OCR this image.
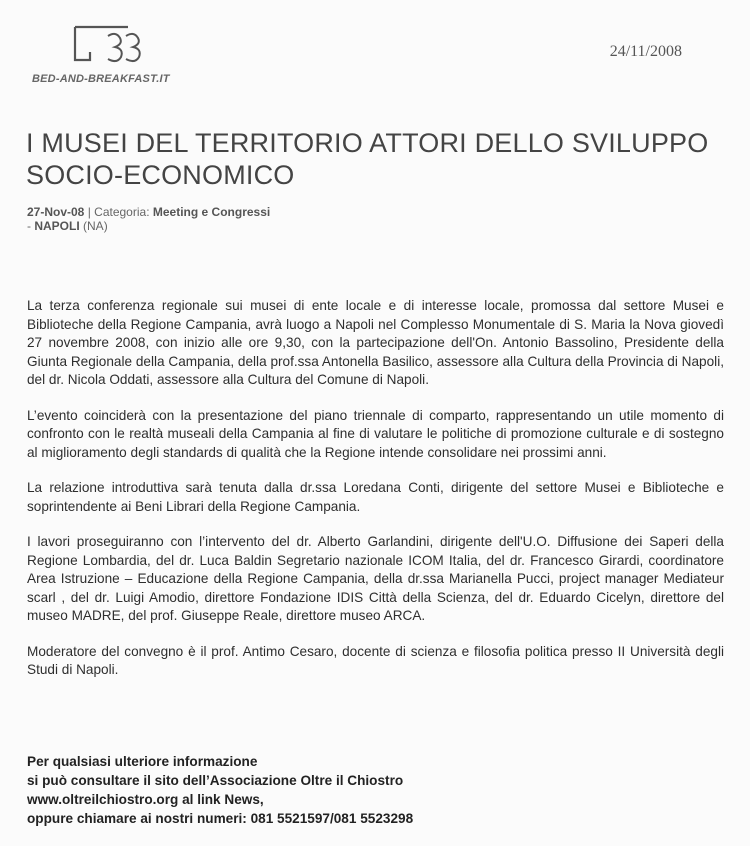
BED-AND-BREAKFAST.IT
24/11/2008
I MUSEI DEL TERRITORIO ATTORI DELLO SVILUPPO
SOCIO-ECONOMICO
27-Nov-08 | Categoria: Meeting e Congressi
- NAPOLI (NA)

La terza conferenza regionale sui musei di ente locale e di interesse locale, promossa dal settore Musei e Biblioteche della Regione Campania, avrà luogo a Napoli nel Complesso Monumentale di S. Maria la Nova giovedì 27 novembre 2008, con inizio alle ore 9,30, con la partecipazione dell'On. Antonio Bassolino, Presidente della Giunta Regionale della Campania, della prof.ssa Antonella Basilico, assessore alla Cultura della Provincia di Napoli, del dr. Nicola Oddati, assessore alla Cultura del Comune di Napoli.

L’evento coinciderà con la presentazione del piano triennale di comparto, rappresentando un utile momento di confronto con le realtà museali della Campania al fine di valutare le politiche di promozione culturale e di sostegno al miglioramento degli standards di qualità che la Regione intende consolidare nei prossimi anni.

La relazione introduttiva sarà tenuta dalla dr.ssa Loredana Conti, dirigente del settore Musei e Biblioteche e soprintendente ai Beni Librari della Regione Campania.

I lavori proseguiranno con l’intervento del dr. Alberto Garlandini, dirigente dell'U.O. Diffusione dei Saperi della Regione Lombardia, del dr. Luca Baldin Segretario nazionale ICOM Italia, del dr. Francesco Girardi, coordinatore Area Istruzione – Educazione della Regione Campania, della dr.ssa Marianella Pucci, project manager Mediateur scarl , del dr. Luigi Amodio, direttore Fondazione IDIS Città della Scienza, del dr. Eduardo Cicelyn, direttore del museo MADRE, del prof. Giuseppe Reale, direttore museo ARCA.

Moderatore del convegno è il prof. Antimo Cesaro, docente di scienza e filosofia politica presso II Università degli Studi di Napoli.

Per qualsiasi ulteriore informazione
si può consultare il sito dell’Associazione Oltre il Chiostro
www.oltreilchiostro.org al link News,
oppure chiamare ai nostri numeri: 081 5521597/081 5523298
